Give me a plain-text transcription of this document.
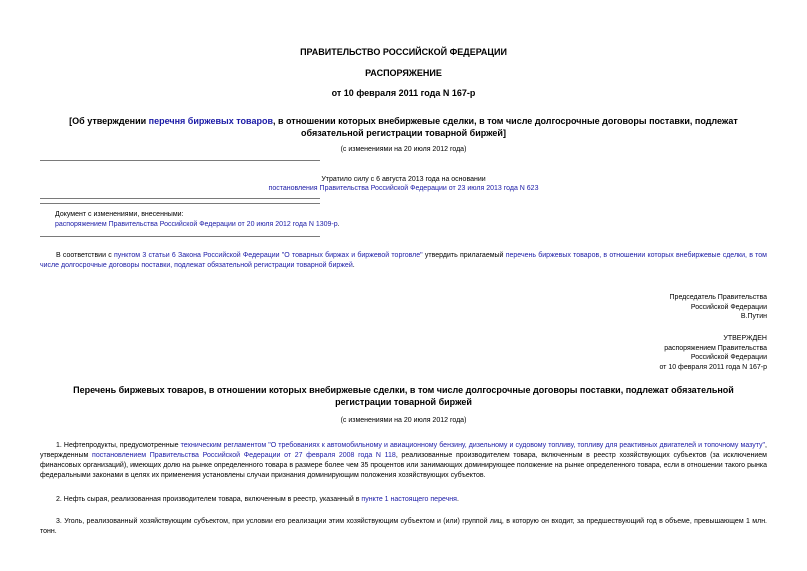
ПРАВИТЕЛЬСТВО РОССИЙСКОЙ ФЕДЕРАЦИИ
РАСПОРЯЖЕНИЕ
от 10 февраля 2011 года N 167-р
[Об утверждении перечня биржевых товаров, в отношении которых внебиржевые сделки, в том числе долгосрочные договоры поставки, подлежат обязательной регистрации товарной биржей]
(с изменениями на 20 июля 2012 года)
Утратило силу с 6 августа 2013 года на основании
постановления Правительства Российской Федерации от 23 июля 2013 года N 623
Документ с изменениями, внесенными:
распоряжением Правительства Российской Федерации от 20 июля 2012 года N 1309-р.
В соответствии с пунктом 3 статьи 6 Закона Российской Федерации "О товарных биржах и биржевой торговле" утвердить прилагаемый перечень биржевых товаров, в отношении которых внебиржевые сделки, в том числе долгосрочные договоры поставки, подлежат обязательной регистрации товарной биржей.
Председатель Правительства
Российской Федерации
В.Путин
УТВЕРЖДЕН
распоряжением Правительства
Российской Федерации
от 10 февраля 2011 года N 167-р
Перечень биржевых товаров, в отношении которых внебиржевые сделки, в том числе долгосрочные договоры поставки, подлежат обязательной регистрации товарной биржей
(с изменениями на 20 июля 2012 года)
1. Нефтепродукты, предусмотренные техническим регламентом "О требованиях к автомобильному и авиационному бензину, дизельному и судовому топливу, топливу для реактивных двигателей и топочному мазуту", утвержденным постановлением Правительства Российской Федерации от 27 февраля 2008 года N 118, реализованные производителем товара, включенным в реестр хозяйствующих субъектов (за исключением финансовых организаций), имеющих долю на рынке определенного товара в размере более чем 35 процентов или занимающих доминирующее положение на рынке определенного товара, если в отношении такого рынка федеральными законами в целях их применения установлены случаи признания доминирующим положения хозяйствующих субъектов.
2. Нефть сырая, реализованная производителем товара, включенным в реестр, указанный в пункте 1 настоящего перечня.
3. Уголь, реализованный хозяйствующим субъектом, при условии его реализации этим хозяйствующим субъектом и (или) группой лиц, в которую он входит, за предшествующий год в объеме, превышающем 1 млн. тонн.
